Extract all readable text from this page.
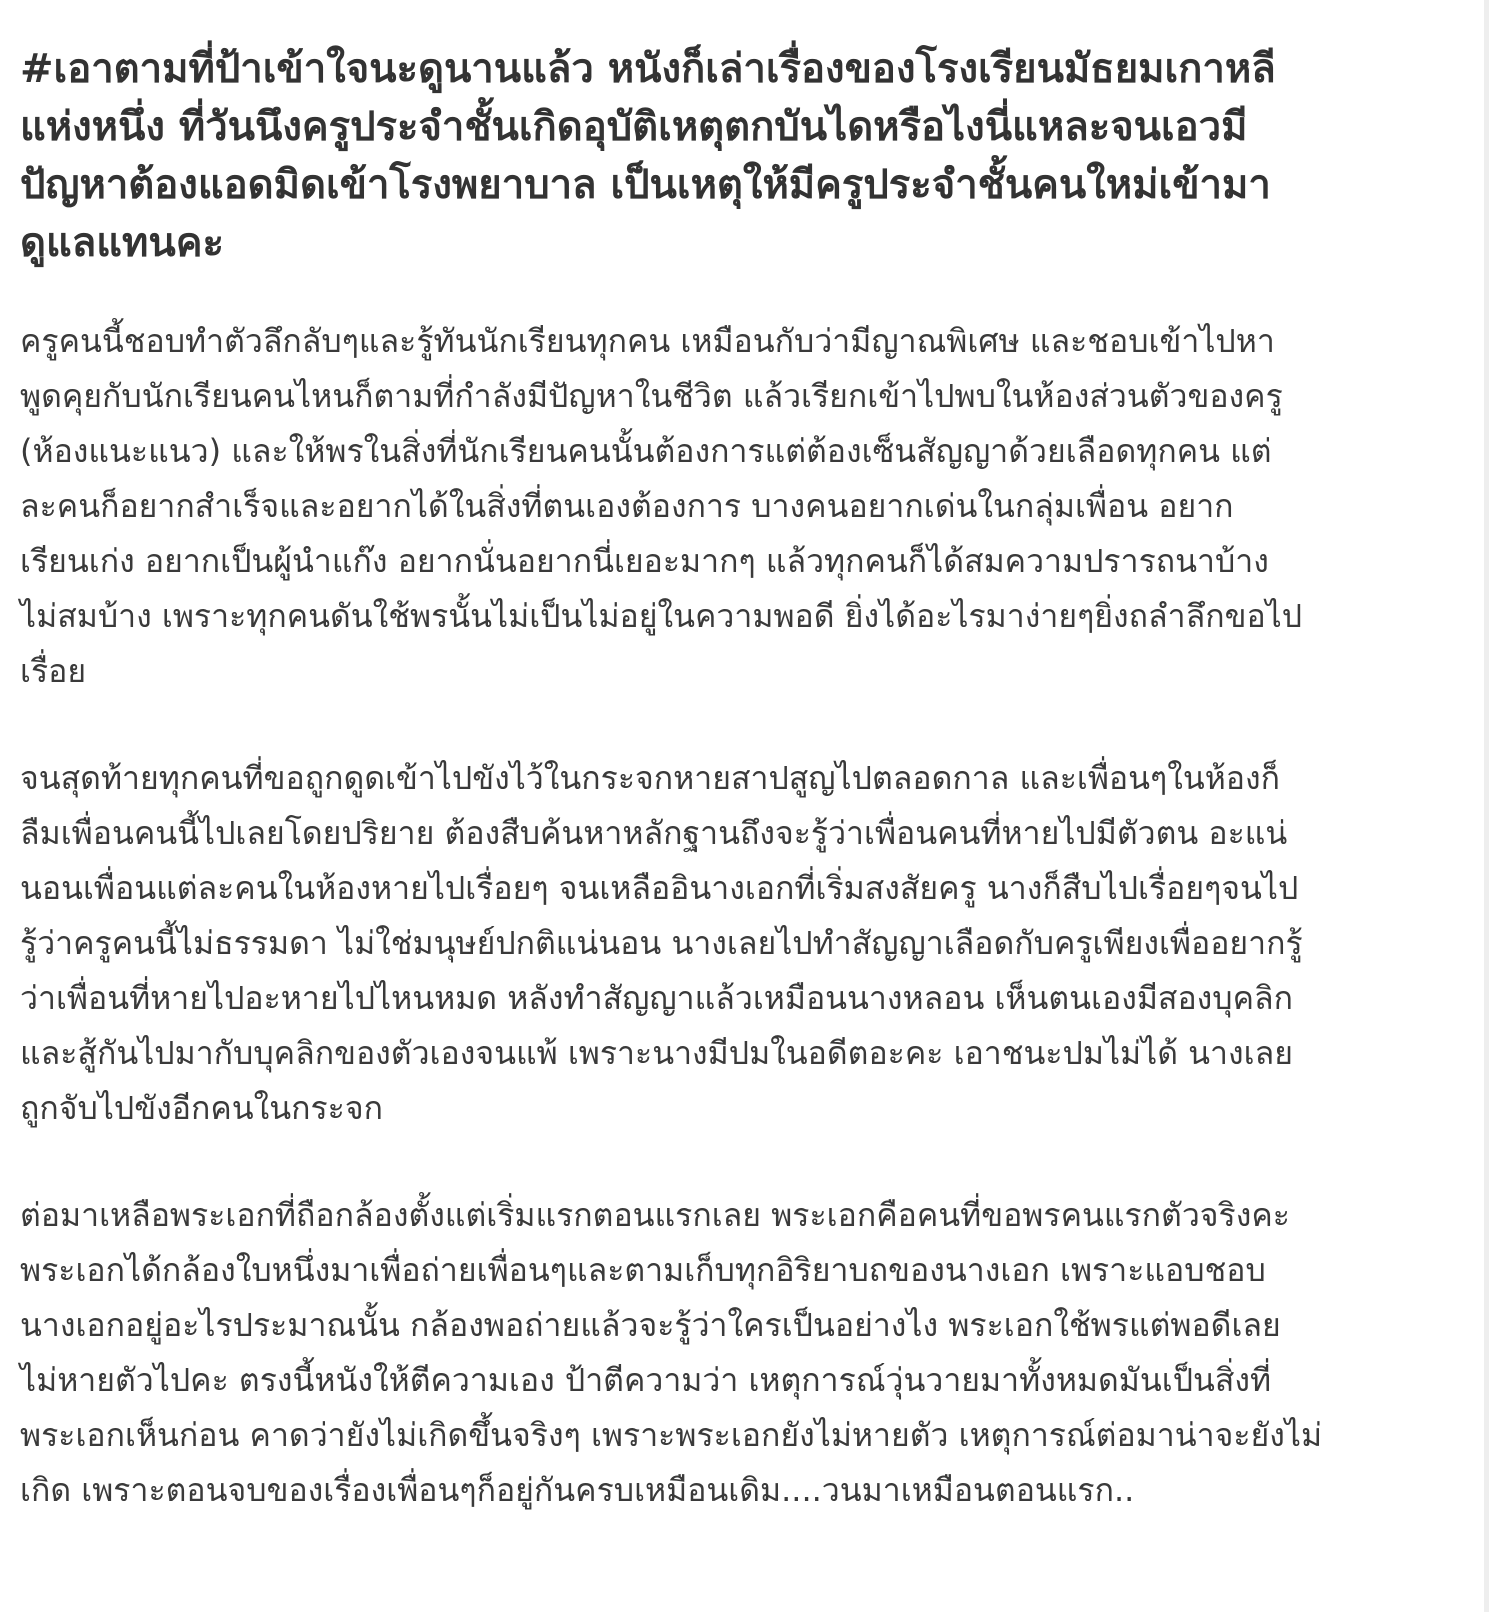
#เอาตามที่ป้าเข้าใจนะดูนานแล้ว หนังก็เล่าเรื่องของโรงเรียนมัธยมเกาหลี
แห่งหนึ่ง ที่วันนึงครูประจำชั้นเกิดอุบัติเหตุตกบันไดหรือไงนี่แหละจนเอวมี
ปัญหาต้องแอดมิดเข้าโรงพยาบาล เป็นเหตุให้มีครูประจำชั้นคนใหม่เข้ามา
ดูแลแทนคะ

ครูคนนี้ชอบทำตัวลึกลับๆและรู้ทันนักเรียนทุกคน เหมือนกับว่ามีญาณพิเศษ และชอบเข้าไปหา
พูดคุยกับนักเรียนคนไหนก็ตามที่กำลังมีปัญหาในชีวิต แล้วเรียกเข้าไปพบในห้องส่วนตัวของครู
(ห้องแนะแนว) และให้พรในสิ่งที่นักเรียนคนนั้นต้องการแต่ต้องเซ็นสัญญาด้วยเลือดทุกคน แต่
ละคนก็อยากสำเร็จและอยากได้ในสิ่งที่ตนเองต้องการ บางคนอยากเด่นในกลุ่มเพื่อน อยาก
เรียนเก่ง อยากเป็นผู้นำแก๊ง อยากนั่นอยากนี่เยอะมากๆ แล้วทุกคนก็ได้สมความปรารถนาบ้าง
ไม่สมบ้าง เพราะทุกคนดันใช้พรนั้นไม่เป็นไม่อยู่ในความพอดี ยิ่งได้อะไรมาง่ายๆยิ่งถลำลึกขอไป
เรื่อย

จนสุดท้ายทุกคนที่ขอถูกดูดเข้าไปขังไว้ในกระจกหายสาปสูญไปตลอดกาล และเพื่อนๆในห้องก็
ลืมเพื่อนคนนี้ไปเลยโดยปริยาย ต้องสืบค้นหาหลักฐานถึงจะรู้ว่าเพื่อนคนที่หายไปมีตัวตน อะแน่
นอนเพื่อนแต่ละคนในห้องหายไปเรื่อยๆ จนเหลืออินางเอกที่เริ่มสงสัยครู นางก็สืบไปเรื่อยๆจนไป
รู้ว่าครูคนนี้ไม่ธรรมดา ไม่ใช่มนุษย์ปกติแน่นอน นางเลยไปทำสัญญาเลือดกับครูเพียงเพื่ออยากรู้
ว่าเพื่อนที่หายไปอะหายไปไหนหมด หลังทำสัญญาแล้วเหมือนนางหลอน เห็นตนเองมีสองบุคลิก
และสู้กันไปมากับบุคลิกของตัวเองจนแพ้ เพราะนางมีปมในอดีตอะคะ เอาชนะปมไม่ได้ นางเลย
ถูกจับไปขังอีกคนในกระจก

ต่อมาเหลือพระเอกที่ถือกล้องตั้งแต่เริ่มแรกตอนแรกเลย พระเอกคือคนที่ขอพรคนแรกตัวจริงคะ
พระเอกได้กล้องใบหนึ่งมาเพื่อถ่ายเพื่อนๆและตามเก็บทุกอิริยาบถของนางเอก เพราะแอบชอบ
นางเอกอยู่อะไรประมาณนั้น กล้องพอถ่ายแล้วจะรู้ว่าใครเป็นอย่างไง พระเอกใช้พรแต่พอดีเลย
ไม่หายตัวไปคะ ตรงนี้หนังให้ตีความเอง ป้าตีความว่า เหตุการณ์วุ่นวายมาทั้งหมดมันเป็นสิ่งที่
พระเอกเห็นก่อน คาดว่ายังไม่เกิดขึ้นจริงๆ เพราะพระเอกยังไม่หายตัว เหตุการณ์ต่อมาน่าจะยังไม่
เกิด เพราะตอนจบของเรื่องเพื่อนๆก็อยู่กันครบเหมือนเดิม....วนมาเหมือนตอนแรก..
